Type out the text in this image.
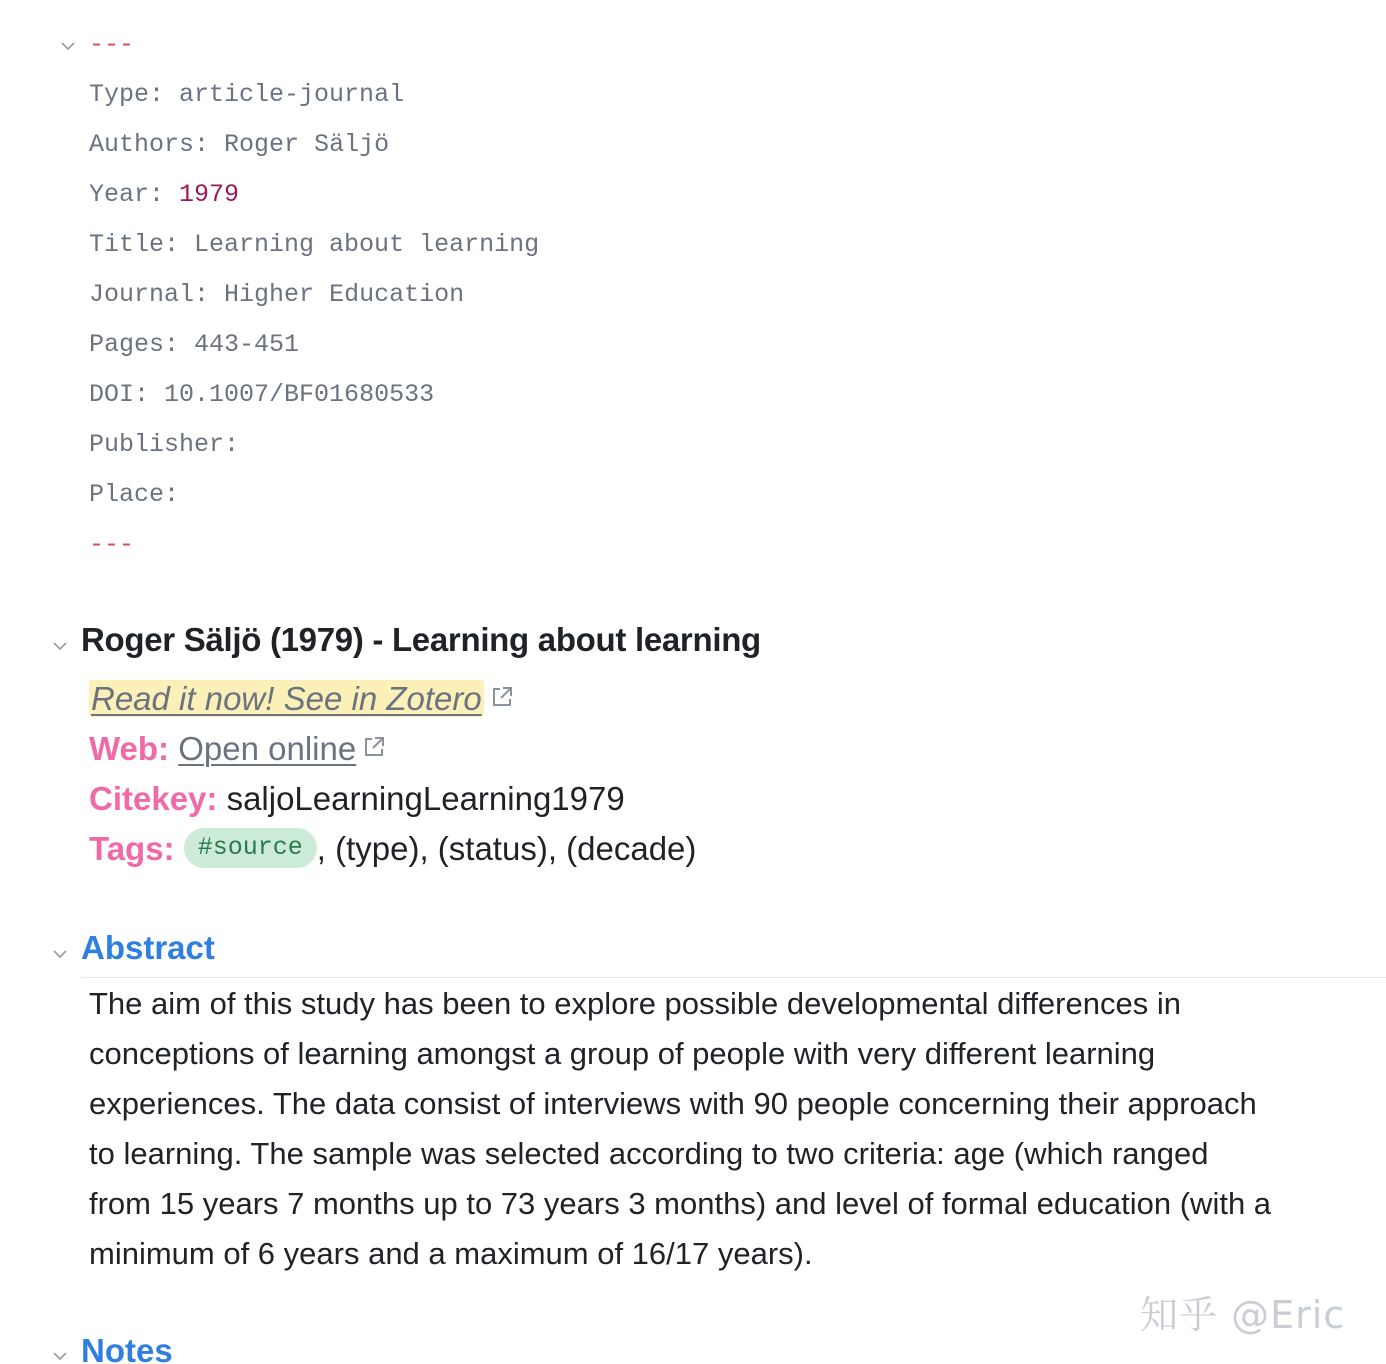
---
Type: article-journal
Authors: Roger Säljö
Year: 1979
Title: Learning about learning
Journal: Higher Education
Pages: 443-451
DOI: 10.1007/BF01680533
Publisher:
Place:
---
Roger Säljö (1979) - Learning about learning
Read it now! See in Zotero
Web: Open online
Citekey: saljoLearningLearning1979
Tags: #source , (type), (status), (decade)
Abstract
The aim of this study has been to explore possible developmental differences in
conceptions of learning amongst a group of people with very different learning
experiences. The data consist of interviews with 90 people concerning their approach
to learning. The sample was selected according to two criteria: age (which ranged
from 15 years 7 months up to 73 years 3 months) and level of formal education (with a
minimum of 6 years and a maximum of 16/17 years).
Notes
知乎 @Eric
